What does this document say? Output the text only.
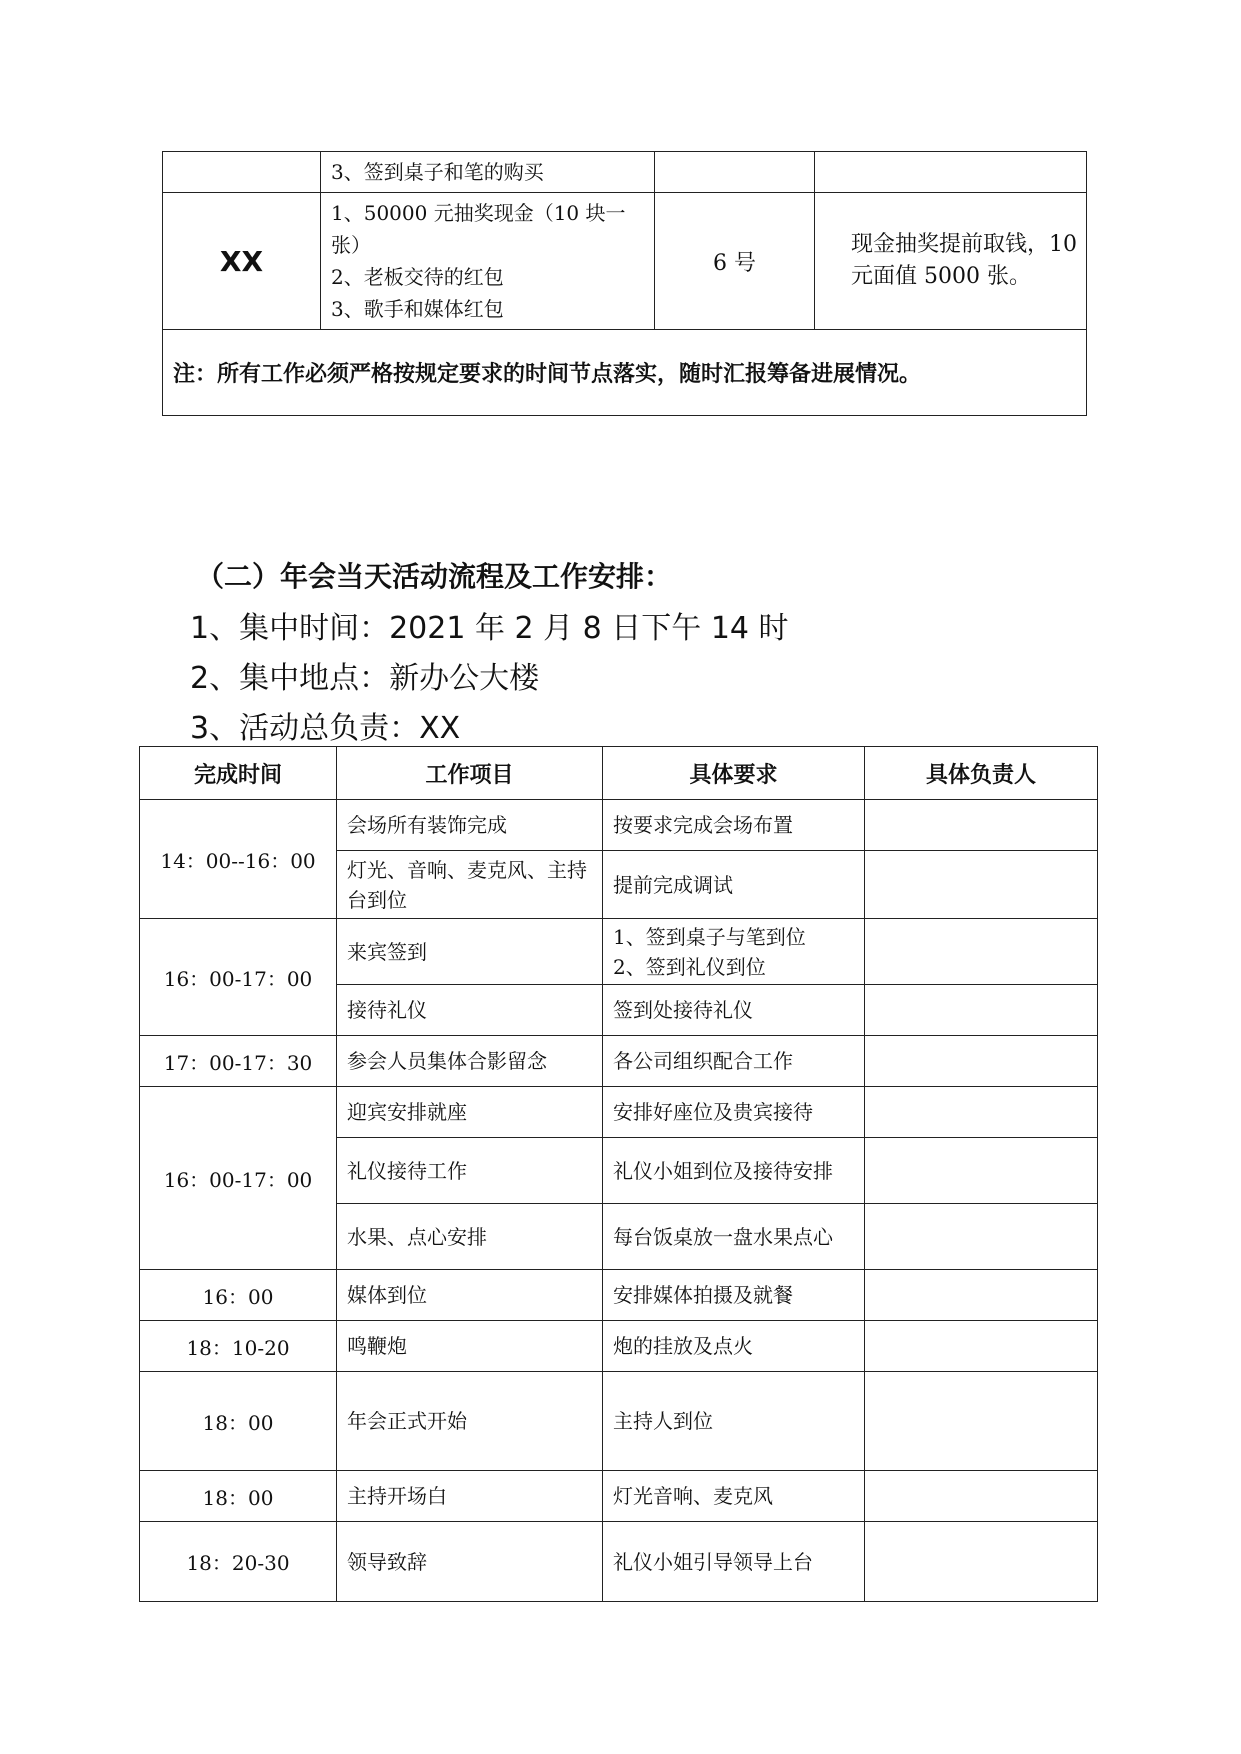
	3、签到桌子和笔的购买		
XX	1、50000 元抽奖现金（10 块一张）
2、老板交待的红包
3、歌手和媒体红包	6 号	现金抽奖提前取钱，10 元面值 5000 张。
注：所有工作必须严格按规定要求的时间节点落实，随时汇报筹备进展情况。			
（二）年会当天活动流程及工作安排：
1、集中时间：2021 年 2 月 8 日下午 14 时
2、集中地点：新办公大楼
3、活动总负责：XX
完成时间	工作项目	具体要求	具体负责人
14：00--16：00	会场所有装饰完成	按要求完成会场布置	
	灯光、音响、麦克风、主持台到位	提前完成调试	
16：00-17：00	来宾签到	1、签到桌子与笔到位
2、签到礼仪到位	
	接待礼仪	签到处接待礼仪	
17：00-17：30	参会人员集体合影留念	各公司组织配合工作	
16：00-17：00	迎宾安排就座	安排好座位及贵宾接待	
	礼仪接待工作	礼仪小姐到位及接待安排	
	水果、点心安排	每台饭桌放一盘水果点心	
16：00	媒体到位	安排媒体拍摄及就餐	
18：10-20	鸣鞭炮	炮的挂放及点火	
18：00	年会正式开始	主持人到位	
18：00	主持开场白	灯光音响、麦克风	
18：20-30	领导致辞	礼仪小姐引导领导上台	
